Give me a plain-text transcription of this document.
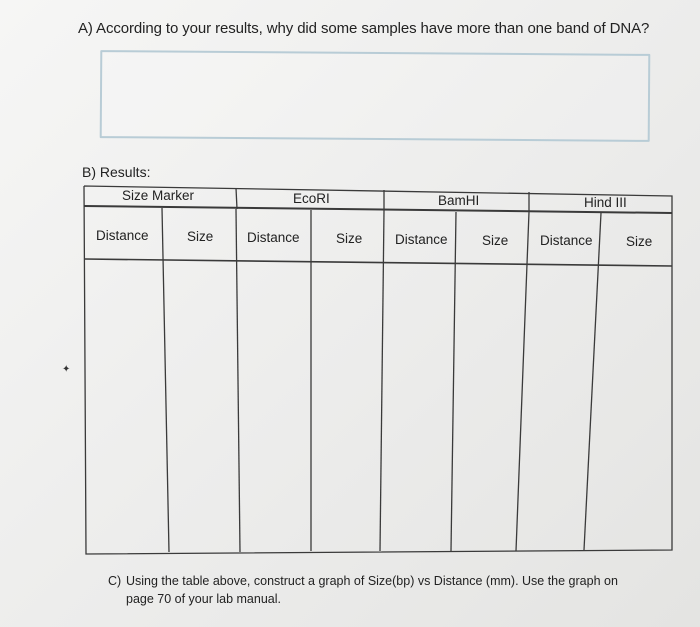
A) According to your results, why did some samples have more than one band of DNA?
B) Results:
Size Marker	EcoRI	BamHI	Hind III
Distance	Size Distance	Size Distance	Size Distance Size
✦
C) Using the table above, construct a graph of Size(bp) vs Distance (mm). Use the graph on
page 70 of your lab manual.
